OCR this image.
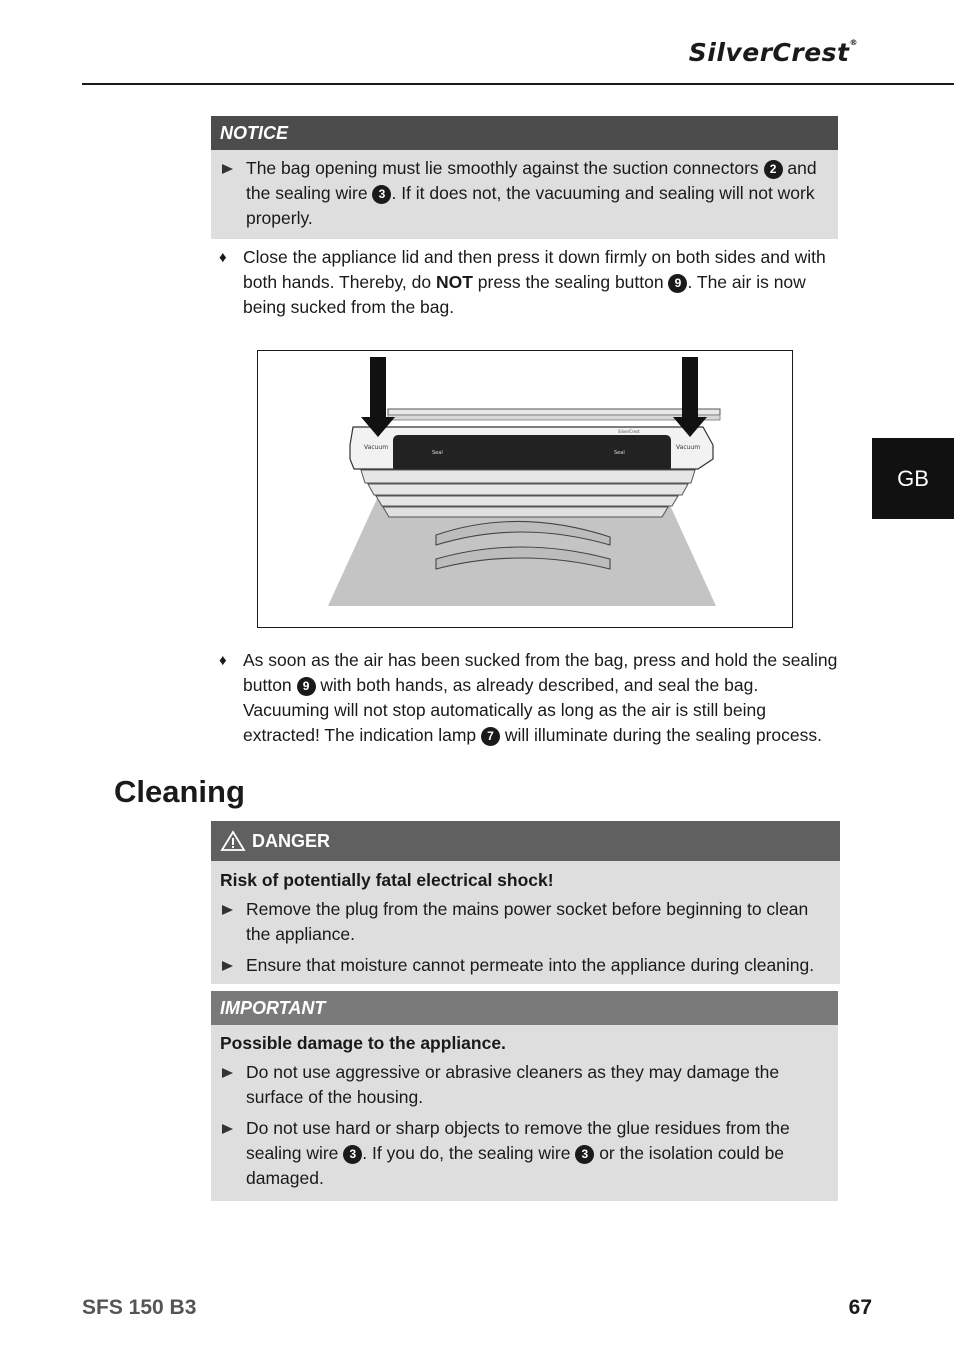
SilverCrest®
GB
NOTICE
The bag opening must lie smoothly against the suction connectors 2 and the sealing wire 3 . If it does not, the vacuuming and sealing will not work properly.
♦ Close the appliance lid and then press it down firmly on both sides and with both hands. Thereby, do NOT press the sealing button 9 . The air is now being sucked from the bag.
Vacuum
Seal	Seal
Vacuum
SilverCrest
♦ As soon as the air has been sucked from the bag, press and hold the sealing button 9 with both hands, as already described, and seal the bag. Vacuuming will not stop automatically as long as the air is still being extracted! The indication lamp 7 will illuminate during the sealing process.
Cleaning
DANGER
Risk of potentially fatal electrical shock!
Remove the plug from the mains power socket before beginning to clean the appliance.
Ensure that moisture cannot permeate into the appliance during cleaning.
IMPORTANT
Possible damage to the appliance.
Do not use aggressive or abrasive cleaners as they may damage the surface of the housing.
Do not use hard or sharp objects to remove the glue residues from the sealing wire 3 . If you do, the sealing wire 3 or the isolation could be damaged.
SFS 150 B3	67
